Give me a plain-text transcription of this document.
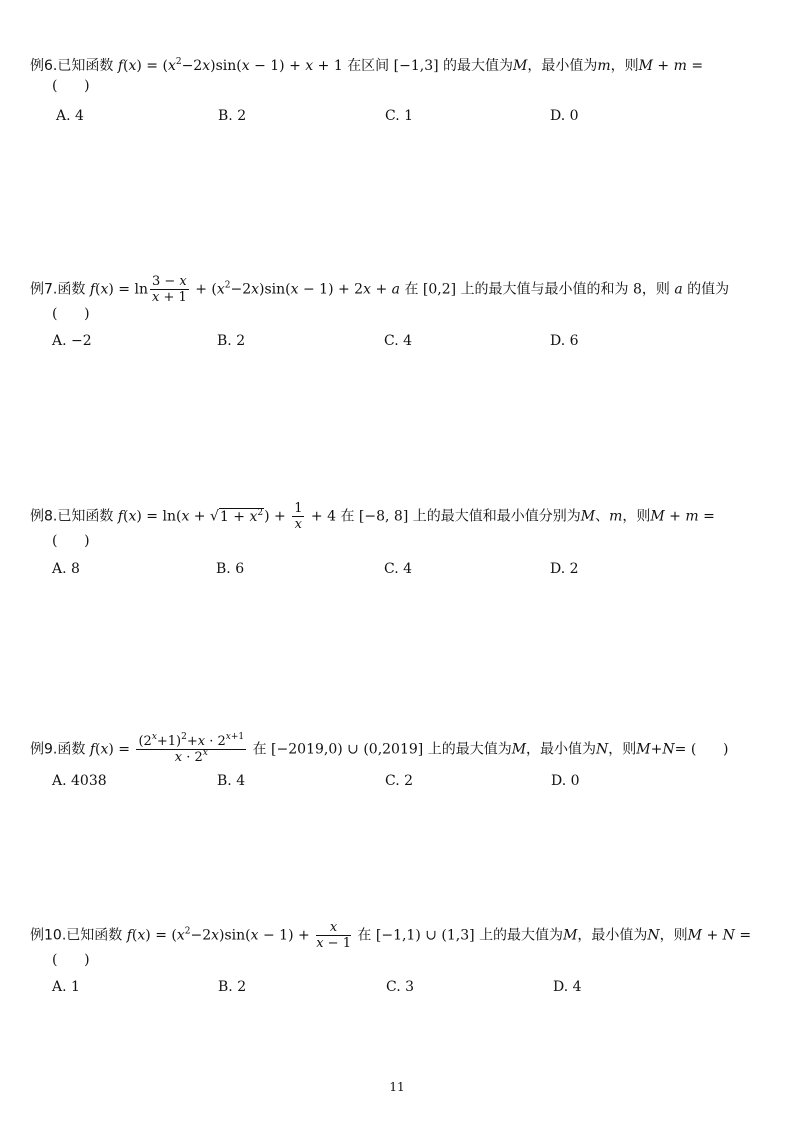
例6.已知函数 $f(x) = (x^2-2x)\sin(x - 1) + x + 1$ 在区间 [−1,3] 的最大值为M，最小值为m，则M + m =
(      )
A. 4	B. 2	C. 1	D. 0
例7.函数 $f(x) = \ln \frac{3 - x}{x + 1} + (x^2-2x)\sin(x - 1) + 2x + a$ 在 [0,2] 上的最大值与最小值的和为 8，则 a 的值为
(      )
A. −2	B. 2	C. 4	D. 6
例8.已知函数 $f(x) = \ln(x + √1 + x^2) + \frac{1}{x} + 4$ 在 [−8, 8] 上的最大值和最小值分别为M、m，则M + m =
(      )
A. 8	B. 6	C. 4	D. 2
例9.函数 $f(x) = \frac{(2^x+1)^2+x \cdot 2^{x+1}}{x \cdot 2^x}$ 在 [−2019,0) ∪ (0,2019] 上的最大值为M，最小值为N，则M+N= (      )
A. 4038	B. 4	C. 2	D. 0
例10.已知函数 $f(x) = (x^2-2x)\sin(x - 1) + \frac{x}{x - 1}$ 在 [−1,1) ∪ (1,3] 上的最大值为M，最小值为N，则M + N =
(      )
A. 1	B. 2	C. 3	D. 4
11
